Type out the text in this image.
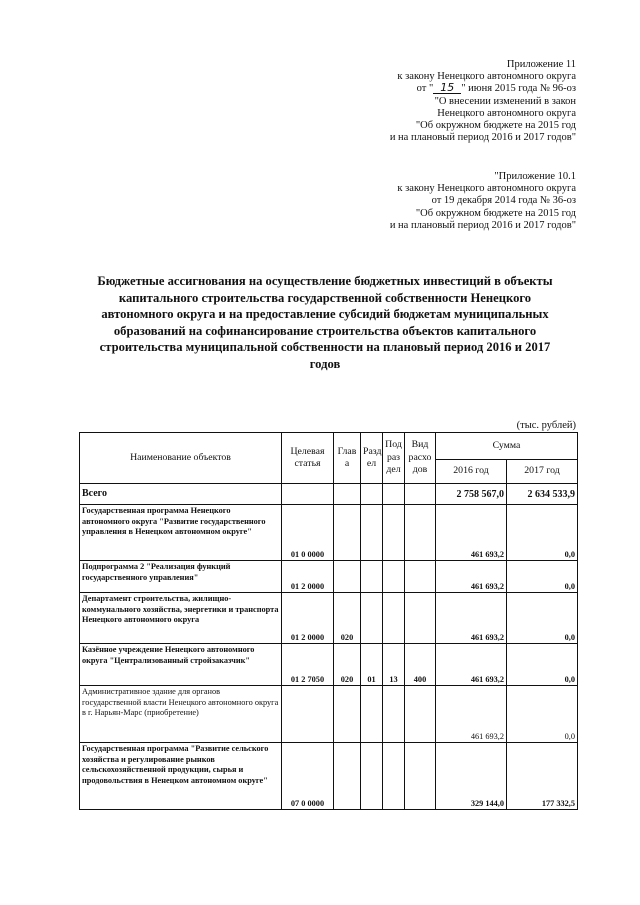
Приложение 11
к закону Ненецкого автономного округа
от " 15 " июня 2015 года № 96-оз
"О внесении изменений в закон
Ненецкого автономного округа
"Об окружном бюджете на 2015 год
и на плановый период 2016 и 2017 годов"
"Приложение 10.1
к закону Ненецкого автономного округа
от 19 декабря 2014 года № 36-оз
"Об окружном бюджете на 2015 год
и на плановый период 2016 и 2017 годов"
Бюджетные ассигнования на осуществление бюджетных инвестиций в объекты
капитального строительства государственной собственности Ненецкого
автономного округа и на предоставление субсидий бюджетам муниципальных
образований на софинансирование строительства объектов капитального
строительства муниципальной собственности на плановый период 2016 и 2017
годов
(тыс. рублей)
Наименование объектов	Целевая статья	Глав а	Разд ел	Под раз дел	Вид расхо дов	Сумма	
						2016 год	2017 год
Всего						2 758 567,0	2 634 533,9
Государственная программа Ненецкого автономного округа "Развитие государственного управления в Ненецком автономном округе"	01 0 0000					461 693,2	0,0
Подпрограмма 2 "Реализация функций государственного управления"	01 2 0000					461 693,2	0,0
Департамент строительства, жилищно-коммунального хозяйства, энергетики и транспорта Ненецкого автономного округа	01 2 0000	020				461 693,2	0,0
Казённое учреждение Ненецкого автономного округа "Централизованный стройзаказчик"	01 2 7050	020	01	13	400	461 693,2	0,0
Административное здание для органов государственной власти Ненецкого автономного округа в г. Нарьян-Марс (приобретение)						461 693,2	0,0
Государственная программа "Развитие сельского хозяйства и регулирование рынков сельскохозяйственной продукции, сырья и продовольствия в Ненецком автономном округе"	07 0 0000					329 144,0	177 332,5
